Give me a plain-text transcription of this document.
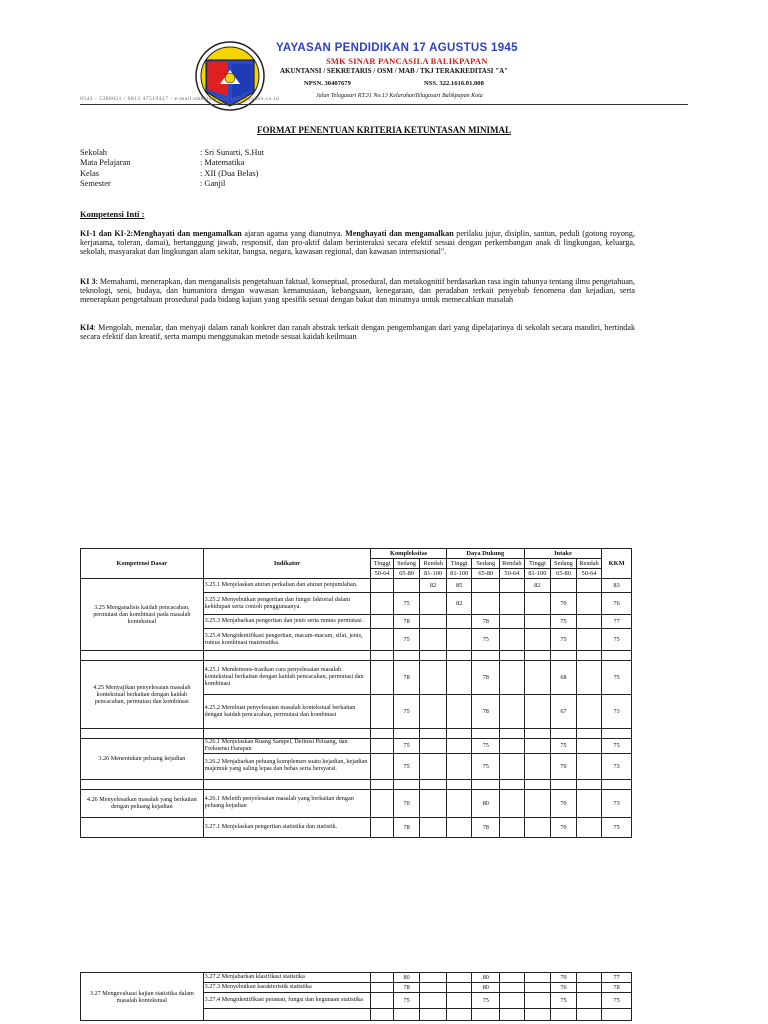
YAYASAN PENDIDIKAN 17 AGUSTUS 1945
SMK SINAR PANCASILA BALIKPAPAN
AKUNTANSI / SEKRETARIS / OSM / MAB / TKJ TERAKREDITASI "A"
NPSN. 30407679	NSS. 322.1616.01.008
Jalan Telagasari RT.31 No.13 KelurahanTelagasari Balikpapan Kota
0542 - 5380051 / 0813 47519427 - e-mail:smksinarpancasila@yahoo.co.id
FORMAT PENENTUAN KRITERIA KETUNTASAN MINIMAL
Sekolah	: Sri Sunarti, S.Hut
Mata Pelajaran	: Matematika
Kelas	: XII (Dua Belas)
Semester	: Ganjil
Kompetensi Inti :
KI-1 dan KI-2:Menghayati dan mengamalkan ajaran agama yang dianutnya. Menghayati dan mengamalkan perilaku jujur, disiplin, santun, peduli (gotong royong, kerjasama, toleran, damai), bertanggung jawab, responsif, dan pro-aktif dalam berinteraksi secara efektif sesuai dengan perkembangan anak di lingkungan, keluarga, sekolah, masyarakat dan lingkungan alam sekitar, bangsa, negara, kawasan regional, dan kawasan internasional".
KI 3: Memahami, menerapkan, dan menganalisis pengetahuan faktual, konseptual, prosedural, dan metakognitif berdasarkan rasa ingin tahunya tentang ilmu pengetahuan, teknologi, seni, budaya, dan humaniora dengan wawasan kemanusiaan, kebangsaan, kenegaraan, dan peradaban terkait penyebab fenomena dan kejadian, serta menerapkan pengetahuan prosedural pada bidang kajian yang spesifik sesuai dengan bakat dan minatnya untuk memecahkan masalah
KI4: Mengolah, menalar, dan menyaji dalam ranah konkret dan ranah abstrak terkait dengan pengembangan dari yang dipelajarinya di sekolah secara mandiri, bertindak secara efektif dan kreatif, serta mampu menggunakan metode sesuai kaidah keilmuan
Kompetensi Dasar	Indikator	Kompleksitas			Daya Dukung			Intake			KKM
		Tinggi	Sedang	Rendah	Tinggi	Sedang	Rendah	Tinggi	Sedang	Rendah	
		50-64	65-80	81-100	81-100	65-80	50-64	81-100	65-80	50-64	
3.25 Menganalisis kaidah pencacahan, permutasi dan kombinasi pada masalah kontekstual	3.25.1 Menjelaskan aturan perkalian dan aturan penjumlahan.			82	85			82			83
	3.25.2 Menyebutkan pengertian dan fungsi faktorial dalam kehidupan serta contoh penggunaanya.		75		82				70		76
	3.25.3 Menjabarkan pengertian dan jenis serta rumus permutasi .		78			78			75		77
	3.25.4 Mengidentifikasi pengertian, macam-macam, sifat, jenis, rumus kombinasi matematika.		75			75			75		75

4.25 Menyajikan penyelesaian masalah kontekstual berkaitan dengan kaidah pencacahan, permutasi dan kombinasi	4.25.1 Mendemons-trasikan cara penyelesaian masalah kontekstual berkaitan dengan kaidah pencacahan, permutasi dan kombinasi		78			78			68		75
	4.25.2 Membuat penyelesaian masalah kontekstual berkaitan dengan kaidah pencacahan, permutasi dan kombinasi		75			78			67		73

3.26 Menentukan peluang kejadian	3.26.1 Menjelaskan Ruang Sampel, Definisi Peluang, dan Frekuensi Harapan		75			75			75		75
	3.26.2 Menjabarkan peluang komplemen suatu kejadian, kejadian majemuk yang saling lepas dan bebas serta bersyarat.		75			75			70		73

4.26 Menyelesaikan masalah yang berkaitan dengan peluang kejadian	4.26.1 Meletih penyelesaian masalah yang berkaitan dengan peluang kejadian		70			80			70		73
	3.27.1 Menjelaskan pengertian statistika dan statistik.		78			78			70		75
3.27 Mengevaluasi kajian statistika dalam masalah kontekstual	3.27.2 Menjabarkan klasifikasi statistika		80			80			70		77
	3.27.3 Menyebutkan karakteristik statistika		78			80			76		78
	3.27.4 Mengidentifikasi peranan, fungsi dan kegunaan statistika		75			75			75		75
